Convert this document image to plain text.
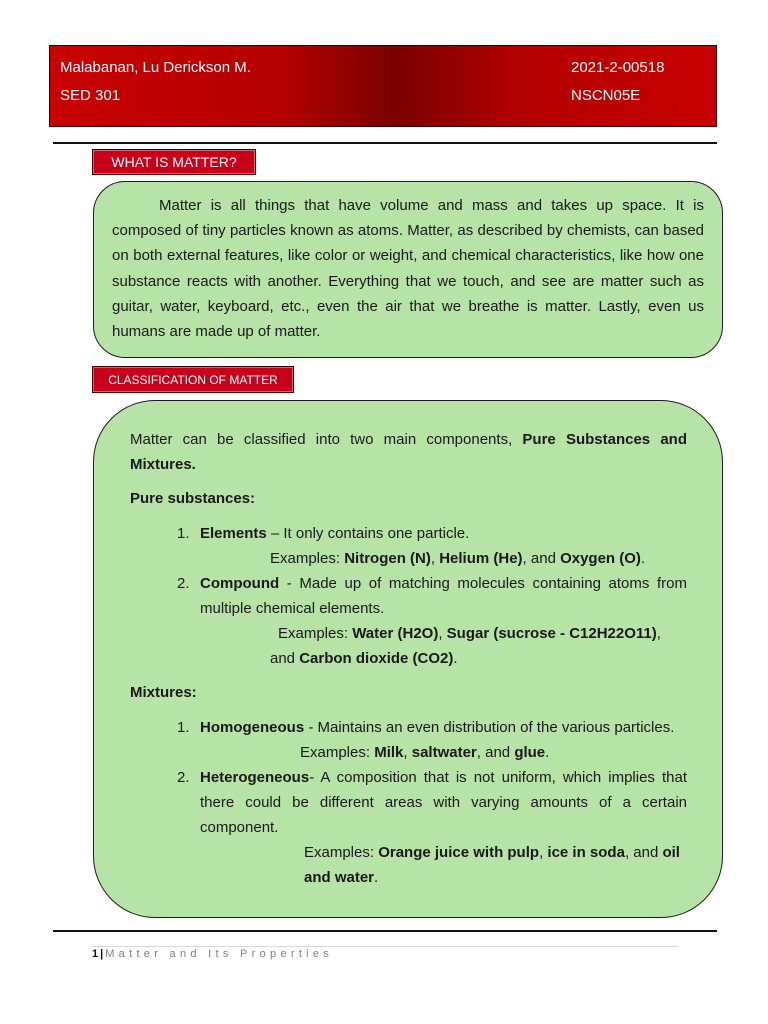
Malabanan, Lu Derickson M.
SED 301
2021-2-00518
NSCN05E
WHAT IS MATTER?

Matter is all things that have volume and mass and takes up space. It is composed of tiny particles known as atoms. Matter, as described by chemists, can based on both external features, like color or weight, and chemical characteristics, like how one substance reacts with another. Everything that we touch, and see are matter such as guitar, water, keyboard, etc., even the air that we breathe is matter. Lastly, even us humans are made up of matter.

CLASSIFICATION OF MATTER

Matter can be classified into two main components, Pure Substances and Mixtures.

Pure substances:

1. Elements – It only contains one particle.

Examples: Nitrogen (N), Helium (He), and Oxygen (O).

2. Compound - Made up of matching molecules containing atoms from multiple chemical elements.

Examples: Water (H2O), Sugar (sucrose - C12H22O11),

and Carbon dioxide (CO2).

Mixtures:

1. Homogeneous - Maintains an even distribution of the various particles.

Examples: Milk, saltwater, and glue.

2. Heterogeneous- A composition that is not uniform, which implies that there could be different areas with varying amounts of a certain component.

Examples: Orange juice with pulp, ice in soda, and oil and water.

1 | Matter and Its Properties
